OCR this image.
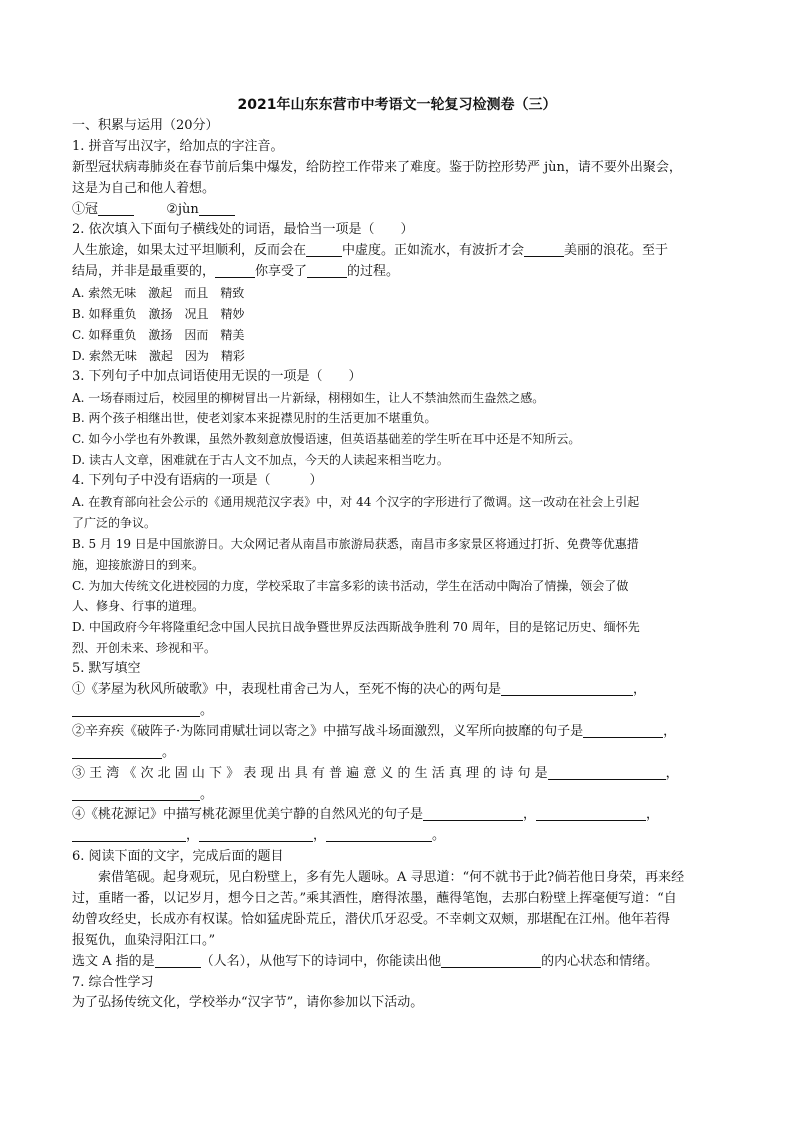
2021年山东东营市中考语文一轮复习检测卷（三）
一、积累与运用（20分）
1. 拼音写出汉字，给加点的字注音。
新型冠状病毒肺炎在春节前后集中爆发，给防控工作带来了难度。鉴于防控形势严 jùn，请不要外出聚会，
这是为自己和他人着想。
①冠	②jùn
2. 依次填入下面句子横线处的词语，最恰当一项是（　　）
人生旅途，如果太过平坦顺利，反而会在	中虚度。正如流水，有波折才会	美丽的浪花。至于
结局，并非是最重要的，	你享受了	的过程。
A. 索然无味　激起　而且　精致
B. 如释重负　激扬　况且　精妙
C. 如释重负　激扬　因而　精美
D. 索然无味　激起　因为　精彩
3. 下列句子中加点词语使用无误的一项是（　　）
A. 一场春雨过后，校园里的柳树冒出一片新绿，栩栩如生，让人不禁油然而生盎然之感。
B. 两个孩子相继出世，使老刘家本来捉襟见肘的生活更加不堪重负。
C. 如今小学也有外教课，虽然外教刻意放慢语速，但英语基础差的学生听在耳中还是不知所云。
D. 读古人文章，困难就在于古人文不加点，今天的人读起来相当吃力。
4. 下列句子中没有语病的一项是（　　　）
A. 在教育部向社会公示的《通用规范汉字表》中，对 44 个汉字的字形进行了微调。这一改动在社会上引起
了广泛的争议。
B. 5 月 19 日是中国旅游日。大众网记者从南昌市旅游局获悉，南昌市多家景区将通过打折、免费等优惠措
施，迎接旅游日的到来。
C. 为加大传统文化进校园的力度，学校采取了丰富多彩的读书活动，学生在活动中陶冶了情操，领会了做
人、修身、行事的道理。
D. 中国政府今年将隆重纪念中国人民抗日战争暨世界反法西斯战争胜利 70 周年，目的是铭记历史、缅怀先
烈、开创未来、珍视和平。
5. 默写填空
①《茅屋为秋风所破歌》中，表现杜甫舍己为人，至死不悔的决心的两句是	，
。
②辛弃疾《破阵子·为陈同甫赋壮词以寄之》中描写战斗场面激烈，义军所向披靡的句子是	，
。
③ 王 湾 《 次 北 固 山 下 》 表 现 出 具 有 普 遍 意 义 的 生 活 真 理 的 诗 句 是	，
。
④《桃花源记》中描写桃花源里优美宁静的自然风光的句子是	，	，
，	，	。
6. 阅读下面的文字，完成后面的题目
索借笔砚。起身观玩，见白粉壁上，多有先人题咏。A 寻思道：“何不就书于此?倘若他日身荣，再来经
过，重睹一番，以记岁月，想今日之苦。”乘其酒性，磨得浓墨，蘸得笔饱，去那白粉壁上挥毫便写道：“自
幼曾攻经史，长成亦有权谋。恰如猛虎卧荒丘，潜伏爪牙忍受。不幸刺文双颊，那堪配在江州。他年若得
报冤仇，血染浔阳江口。”
选文 A 指的是	（人名），从他写下的诗词中，你能读出他	的内心状态和情绪。
7. 综合性学习
为了弘扬传统文化，学校举办“汉字节”，请你参加以下活动。
